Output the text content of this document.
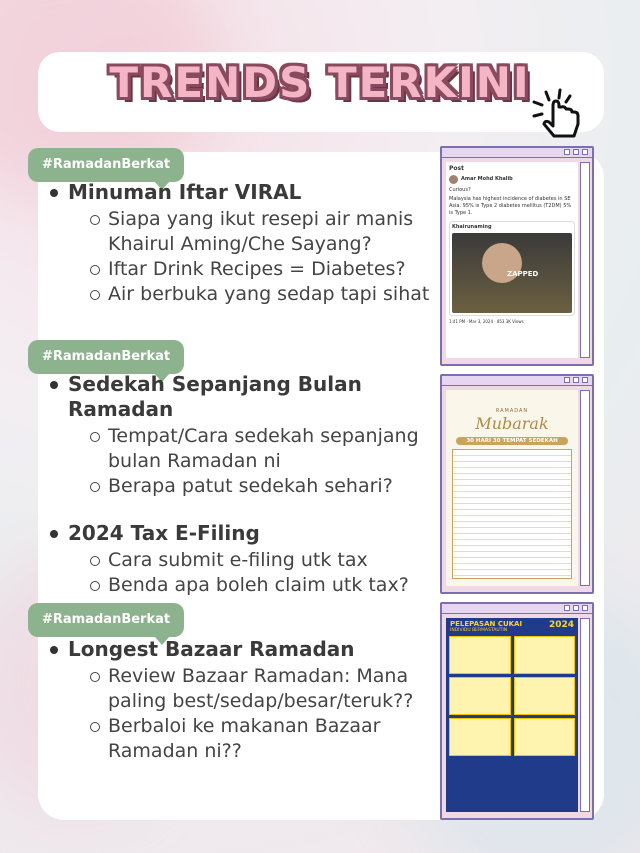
TRENDS TERKINI
#RamadanBerkat
Minuman Iftar VIRAL
Siapa yang ikut resepi air manis Khairul Aming/Che Sayang?
Iftar Drink Recipes = Diabetes?
Air berbuka yang sedap tapi sihat
#RamadanBerkat
Sedekah Sepanjang Bulan Ramadan
Tempat/Cara sedekah sepanjang bulan Ramadan ni
Berapa patut sedekah sehari?
2024 Tax E-Filing
Cara submit e-filing utk tax
Benda apa boleh claim utk tax?
#RamadanBerkat
Longest Bazaar Ramadan
Review Bazaar Ramadan: Mana paling best/sedap/besar/teruk??
Berbaloi ke makanan Bazaar Ramadan ni??
Post
Amar Mohd Khalib
Curious?
Malaysia has highest incidence of diabetes in SE Asia. 95% is Type 2 diabetes mellitus (T2DM) 5% is Type 1.
Khairunaming
ZAPPED
1:41 PM · Mar 3, 2024 · 853.3K Views
RAMADAN
Mubarak
30 HARI 30 TEMPAT SEDEKAH
PELEPASAN CUKAI
INDIVIDU BERMASTAUTIN
2024
